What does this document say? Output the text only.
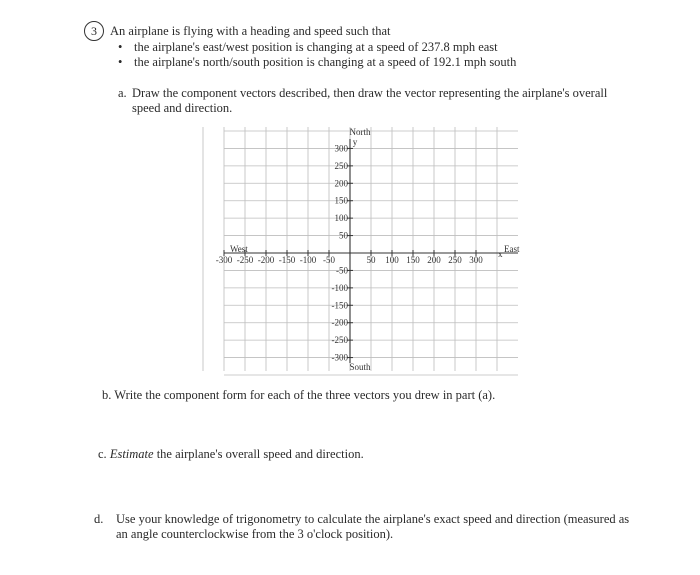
3	An airplane is flying with a heading and speed such that
• the airplane's east/west position is changing at a speed of 237.8 mph east
• the airplane's north/south position is changing at a speed of 192.1 mph south
a. Draw the component vectors described, then draw the vector representing the airplane's overall speed and direction.
-300 -250 -200 -150 -100 -50	50 100 150 200 250 300
300
250
200
150
100
50
-50
-100
-150
-200
-250
-300
North
y
South
West	East
x
b. Write the component form for each of the three vectors you drew in part (a).
c. Estimate the airplane's overall speed and direction.
d.	Use your knowledge of trigonometry to calculate the airplane's exact speed and direction (measured as an angle counterclockwise from the 3 o'clock position).
